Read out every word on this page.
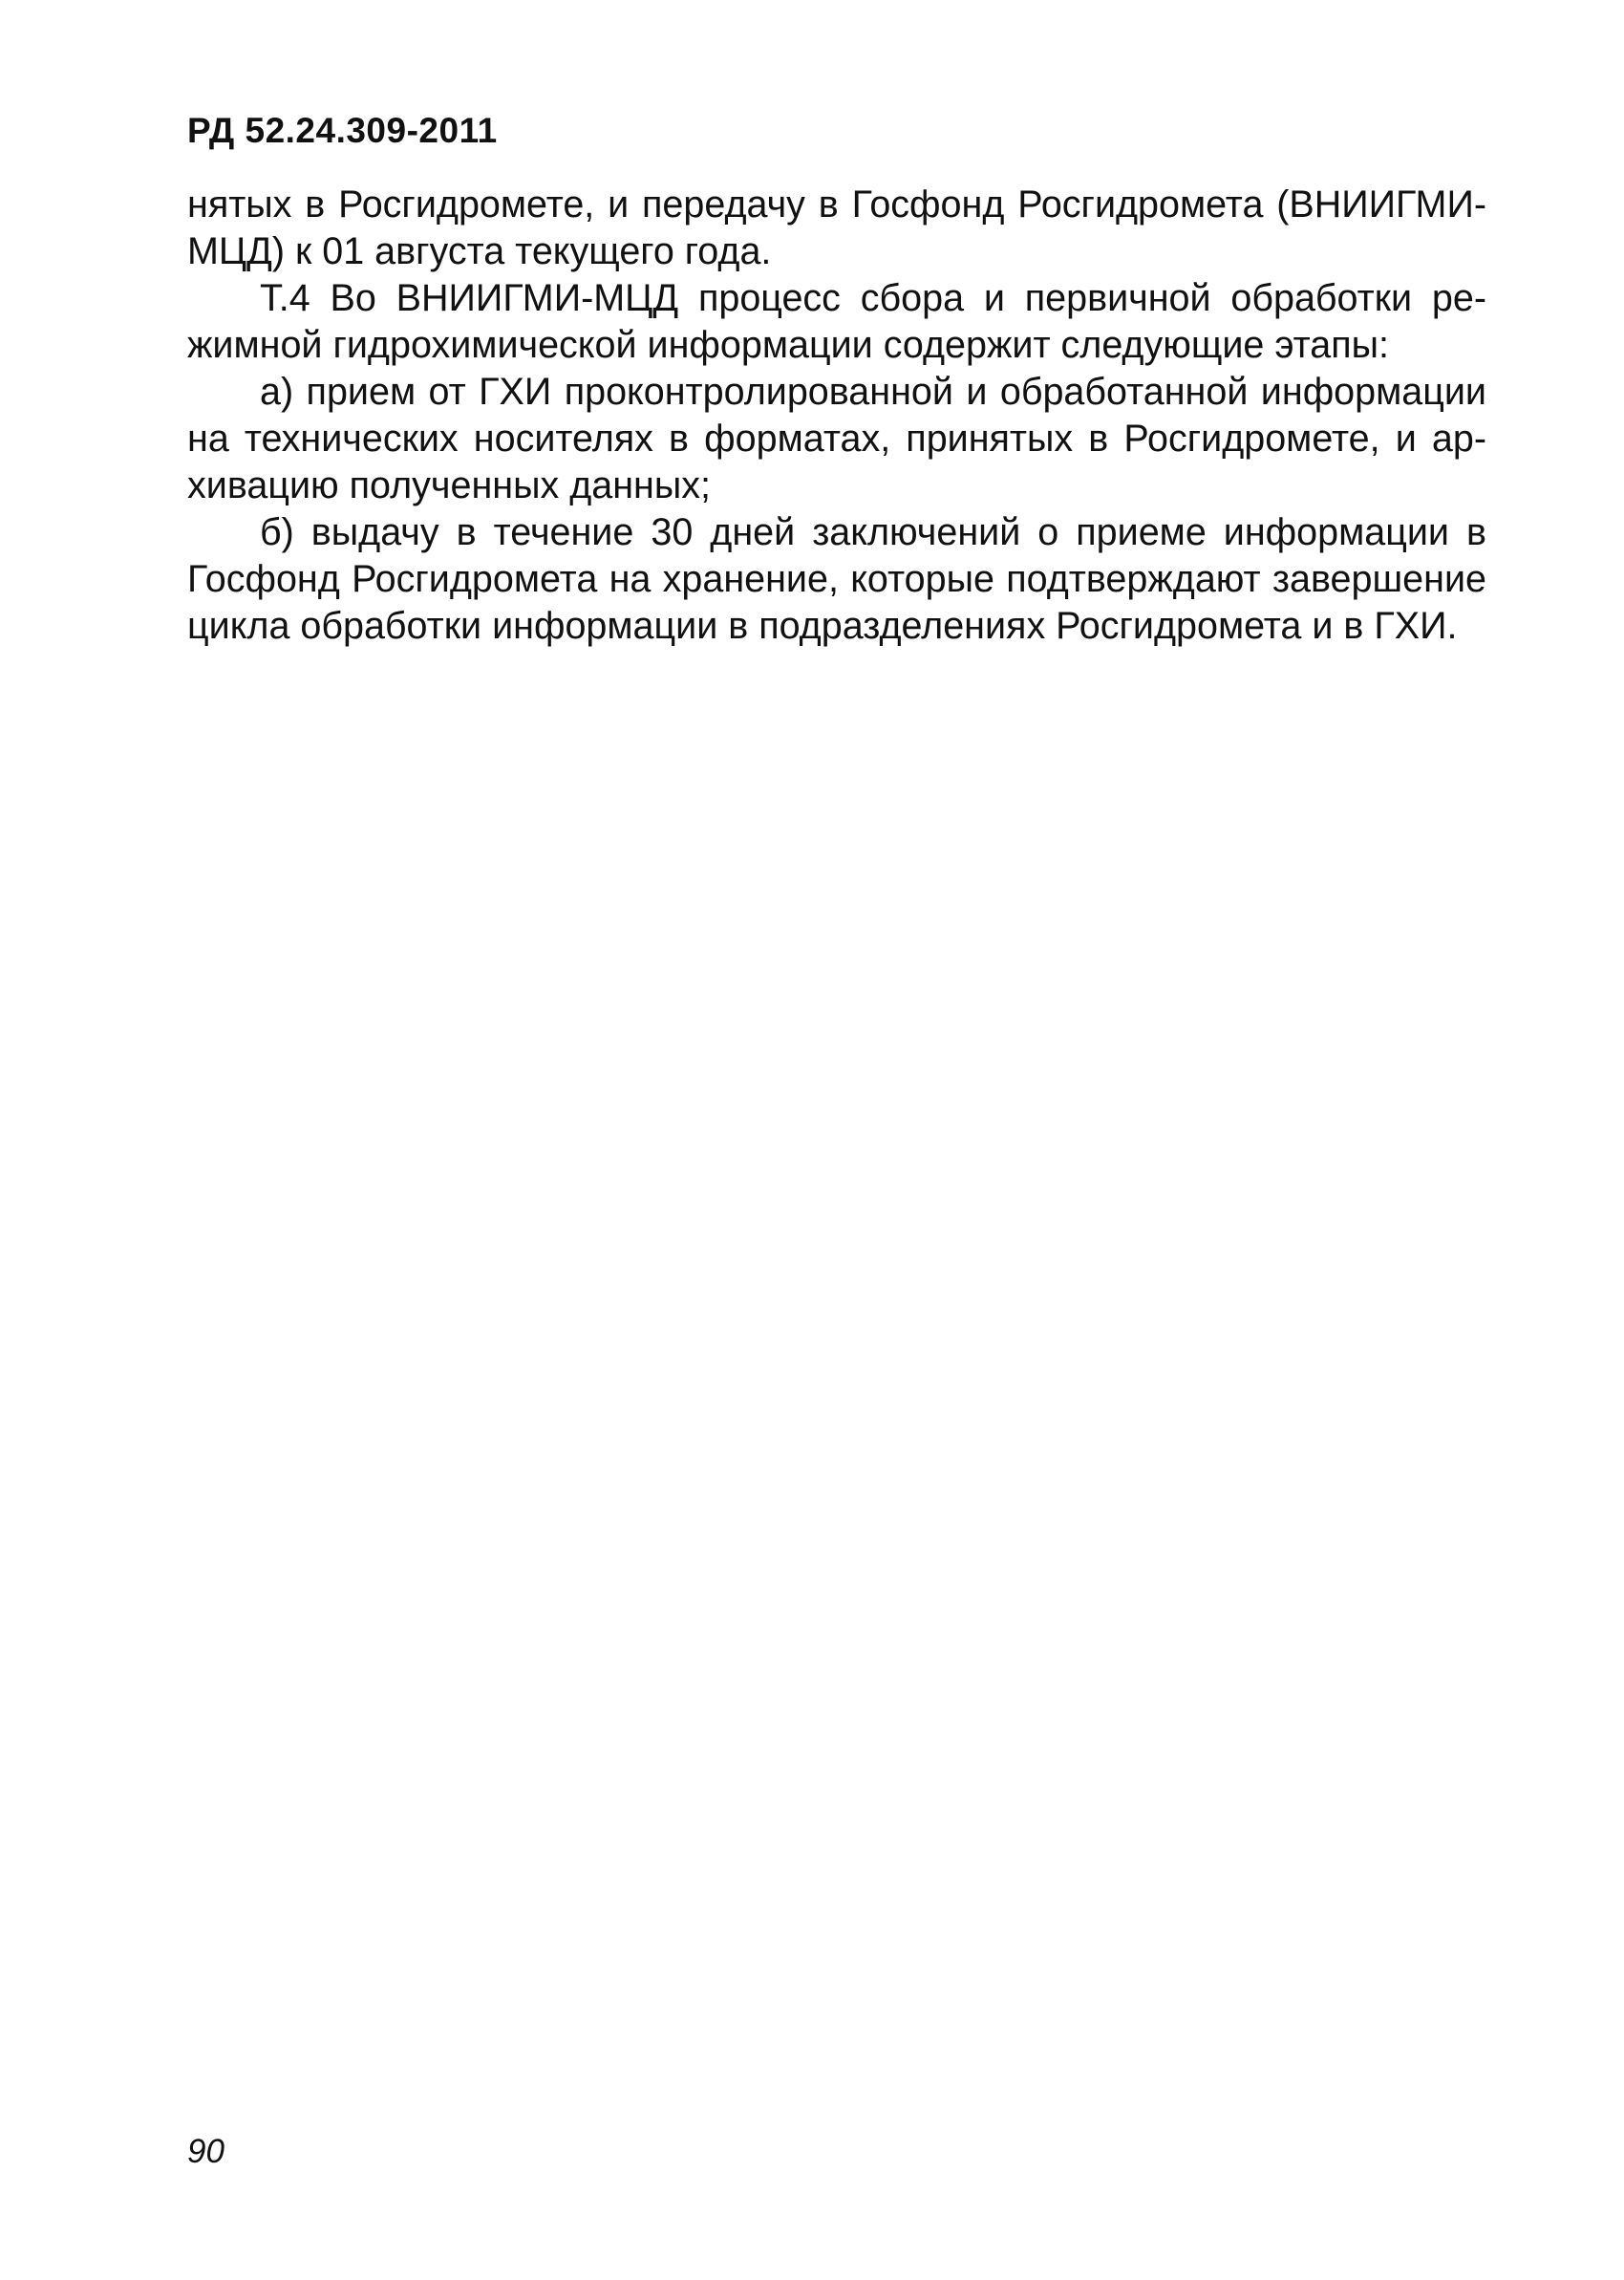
РД 52.24.309-2011
нятых в Росгидромете, и передачу в Госфонд Росгидромета (ВНИИГМИ-
МЦД) к 01 августа текущего года.
Т.4 Во ВНИИГМИ-МЦД процесс сбора и первичной обработки ре-
жимной гидрохимической информации содержит следующие этапы:
а) прием от ГХИ проконтролированной и обработанной информации
на технических носителях в форматах, принятых в Росгидромете, и ар-
хивацию полученных данных;
б) выдачу в течение 30 дней заключений о приеме информации в
Госфонд Росгидромета на хранение, которые подтверждают завершение
цикла обработки информации в подразделениях Росгидромета и в ГХИ.

90
